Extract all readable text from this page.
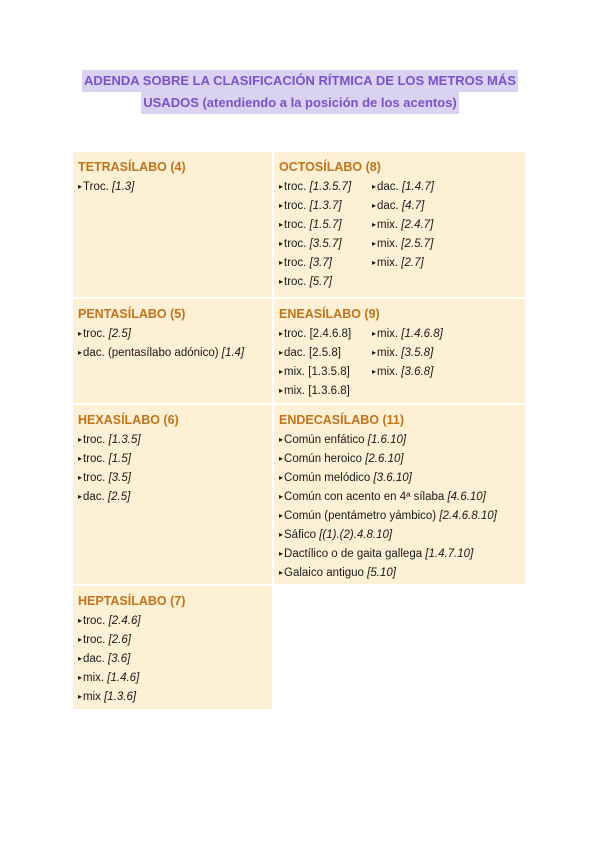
ADENDA SOBRE LA CLASIFICACIÓN RÍTMICA DE LOS METROS MÁS
USADOS (atendiendo a la posición de los acentos)
TETRASÍLABO (4)
▸Troc. [1.3]
OCTOSÍLABO (8)
▸troc. [1.3.5.7]
▸troc. [1.3.7]
▸troc. [1.5.7]
▸troc. [3.5.7]
▸troc. [3.7]
▸troc. [5.7]
▸dac. [1.4.7]
▸dac. [4.7]
▸mix. [2.4.7]
▸mix. [2.5.7]
▸mix. [2.7]
PENTASÍLABO (5)
▸troc. [2.5]
▸dac. (pentasílabo adónico) [1.4]
ENEASÍLABO (9)
▸troc. [2.4.6.8]
▸dac. [2.5.8]
▸mix. [1.3.5.8]
▸mix. [1.3.6.8]
▸mix. [1.4.6.8]
▸mix. [3.5.8]
▸mix. [3.6.8]
HEXASÍLABO (6)
▸troc. [1.3.5]
▸troc. [1.5]
▸troc. [3.5]
▸dac. [2.5]
ENDECASÍLABO (11)
▸Común enfático [1.6.10]
▸Común heroico [2.6.10]
▸Común melódico [3.6.10]
▸Común con acento en 4ª sílaba [4.6.10]
▸Común (pentámetro yámbico) [2.4.6.8.10]
▸Sáfico [(1).(2).4.8.10]
▸Dactílico o de gaita gallega [1.4.7.10]
▸Galaico antiguo [5.10]
HEPTASÍLABO (7)
▸troc. [2.4.6]
▸troc. [2.6]
▸dac. [3.6]
▸mix. [1.4.6]
▸mix [1.3.6]
